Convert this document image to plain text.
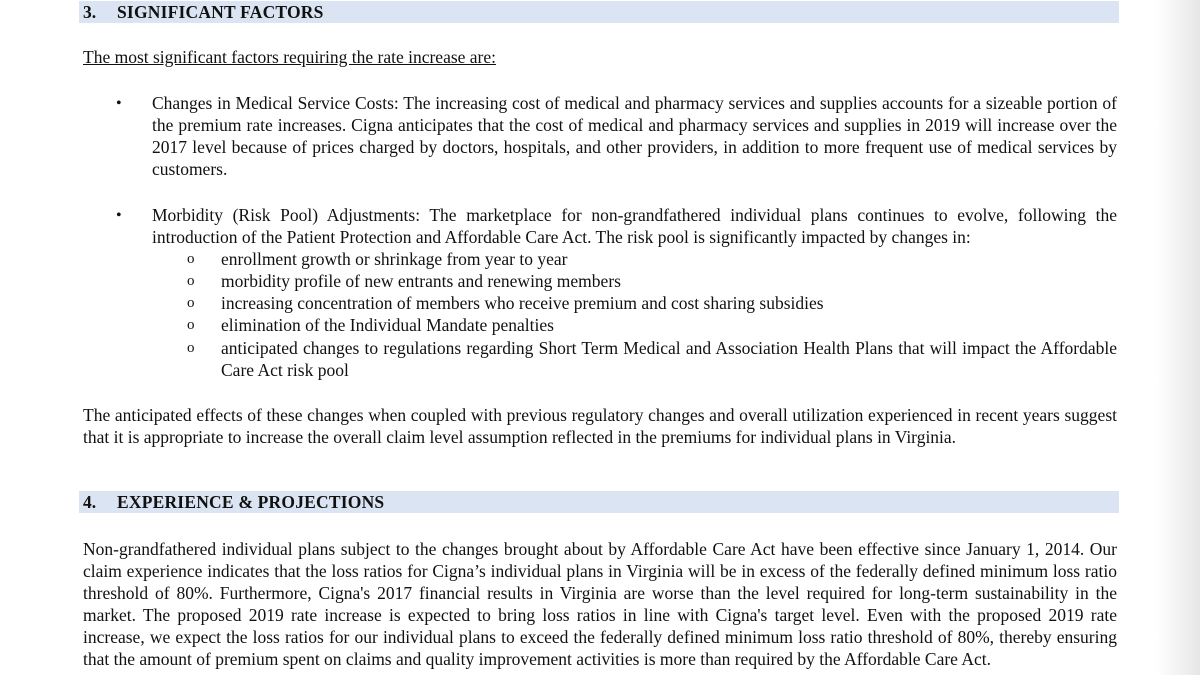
3. SIGNIFICANT FACTORS
The most significant factors requiring the rate increase are:
• Changes in Medical Service Costs: The increasing cost of medical and pharmacy services and supplies accounts for a sizeable portion of the premium rate increases. Cigna anticipates that the cost of medical and pharmacy services and supplies in 2019 will increase over the 2017 level because of prices charged by doctors, hospitals, and other providers, in addition to more frequent use of medical services by customers.
• Morbidity (Risk Pool) Adjustments: The marketplace for non-grandfathered individual plans continues to evolve, following the introduction of the Patient Protection and Affordable Care Act. The risk pool is significantly impacted by changes in:
o enrollment growth or shrinkage from year to year
o morbidity profile of new entrants and renewing members
o increasing concentration of members who receive premium and cost sharing subsidies
o elimination of the Individual Mandate penalties
o anticipated changes to regulations regarding Short Term Medical and Association Health Plans that will impact the Affordable Care Act risk pool
The anticipated effects of these changes when coupled with previous regulatory changes and overall utilization experienced in recent years suggest that it is appropriate to increase the overall claim level assumption reflected in the premiums for individual plans in Virginia.
4. EXPERIENCE & PROJECTIONS
Non-grandfathered individual plans subject to the changes brought about by Affordable Care Act have been effective since January 1, 2014. Our claim experience indicates that the loss ratios for Cigna’s individual plans in Virginia will be in excess of the federally defined minimum loss ratio threshold of 80%. Furthermore, Cigna's 2017 financial results in Virginia are worse than the level required for long-term sustainability in the market. The proposed 2019 rate increase is expected to bring loss ratios in line with Cigna's target level. Even with the proposed 2019 rate increase, we expect the loss ratios for our individual plans to exceed the federally defined minimum loss ratio threshold of 80%, thereby ensuring that the amount of premium spent on claims and quality improvement activities is more than required by the Affordable Care Act.
